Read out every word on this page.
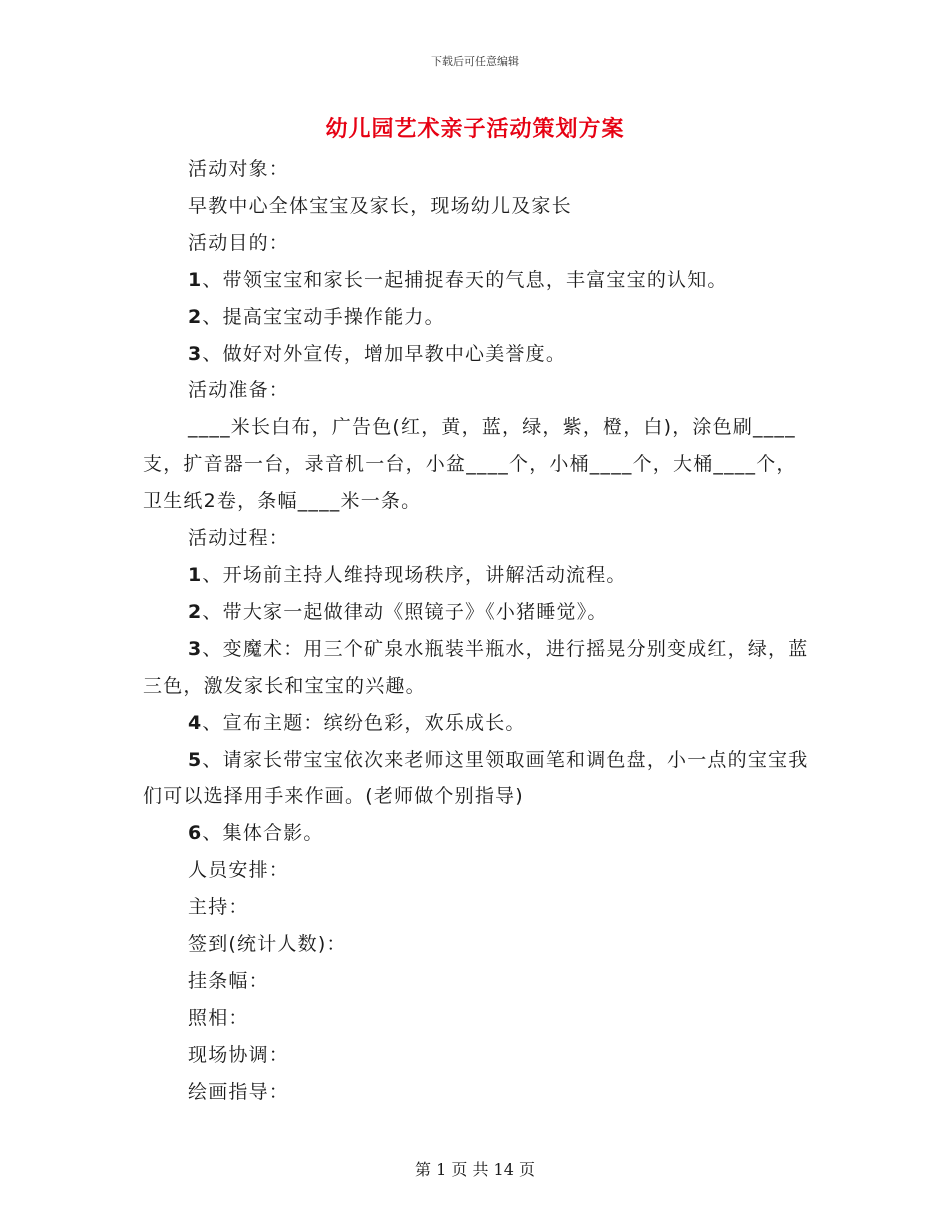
下载后可任意编辑
幼儿园艺术亲子活动策划方案

活动对象：

早教中心全体宝宝及家长，现场幼儿及家长

活动目的：

1、带领宝宝和家长一起捕捉春天的气息，丰富宝宝的认知。

2、提高宝宝动手操作能力。

3、做好对外宣传，增加早教中心美誉度。

活动准备：

____米长白布，广告色(红，黄，蓝，绿，紫，橙，白)，涂色刷____支，扩音器一台，录音机一台，小盆____个，小桶____个，大桶____个，卫生纸2卷，条幅____米一条。

活动过程：

1、开场前主持人维持现场秩序，讲解活动流程。

2、带大家一起做律动《照镜子》《小猪睡觉》。

3、变魔术：用三个矿泉水瓶装半瓶水，进行摇晃分别变成红，绿，蓝三色，激发家长和宝宝的兴趣。

4、宣布主题：缤纷色彩，欢乐成长。

5、请家长带宝宝依次来老师这里领取画笔和调色盘，小一点的宝宝我们可以选择用手来作画。(老师做个别指导)

6、集体合影。

人员安排：

主持：

签到(统计人数)：

挂条幅：

照相：

现场协调：

绘画指导：

第 1 页 共 14 页
